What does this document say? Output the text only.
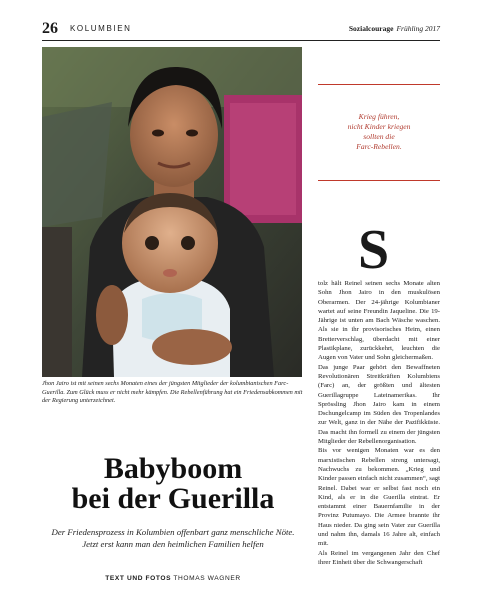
26 KOLUMBIEN	Sozialcourage Frühling 2017
Jhon Jairo ist mit seinen sechs Monaten eines der jüngsten Mitglieder der kolumbianischen Farc-Guerilla. Zum Glück muss er nicht mehr kämpfen. Die Rebellenführung hat ein Friedensabkommen mit der Regierung unterzeichnet.
Krieg führen,
nicht Kinder kriegen
sollten die
Farc-Rebellen.
S

tolz hält Reinel seinen sechs Monate alten Sohn Jhon Jairo in den muskulösen Oberarmen. Der 24-jährige Kolumbianer wartet auf seine Freundin Jaqueline. Die 19-Jährige ist unten am Bach Wäsche waschen. Als sie in ihr provisorisches Heim, einen Bretterverschlag, überdacht mit einer Plastikplane, zurückkehrt, leuchten die Augen von Vater und Sohn gleichermaßen.

Das junge Paar gehört den Bewaffneten Revolutionären Streitkräften Kolumbiens (Farc) an, der größten und ältesten Guerillagruppe Lateinamerikas. Ihr Sprössling Jhon Jairo kam in einem Dschungelcamp im Süden des Tropenlandes zur Welt, ganz in der Nähe der Pazifikküste. Das macht ihn formell zu einem der jüngsten Mitglieder der Rebellenorganisation.

Bis vor wenigen Monaten war es den marxistischen Rebellen streng untersagt, Nachwuchs zu bekommen. „Krieg und Kinder passen einfach nicht zusammen“, sagt Reinel. Dabei war er selbst fast noch ein Kind, als er in die Guerilla eintrat. Er entstammt einer Bauernfamilie in der Provinz Putumayo. Die Armee brannte ihr Haus nieder. Da ging sein Vater zur Guerilla und nahm ihn, damals 16 Jahre alt, einfach mit.

Als Reinel im vergangenen Jahr den Chef ihrer Einheit über die Schwangerschaft

Babyboom
bei der Guerilla
Der Friedensprozess in Kolumbien offenbart ganz menschliche Nöte. Jetzt erst kann man den heimlichen Familien helfen
TEXT UND FOTOS THOMAS WAGNER
